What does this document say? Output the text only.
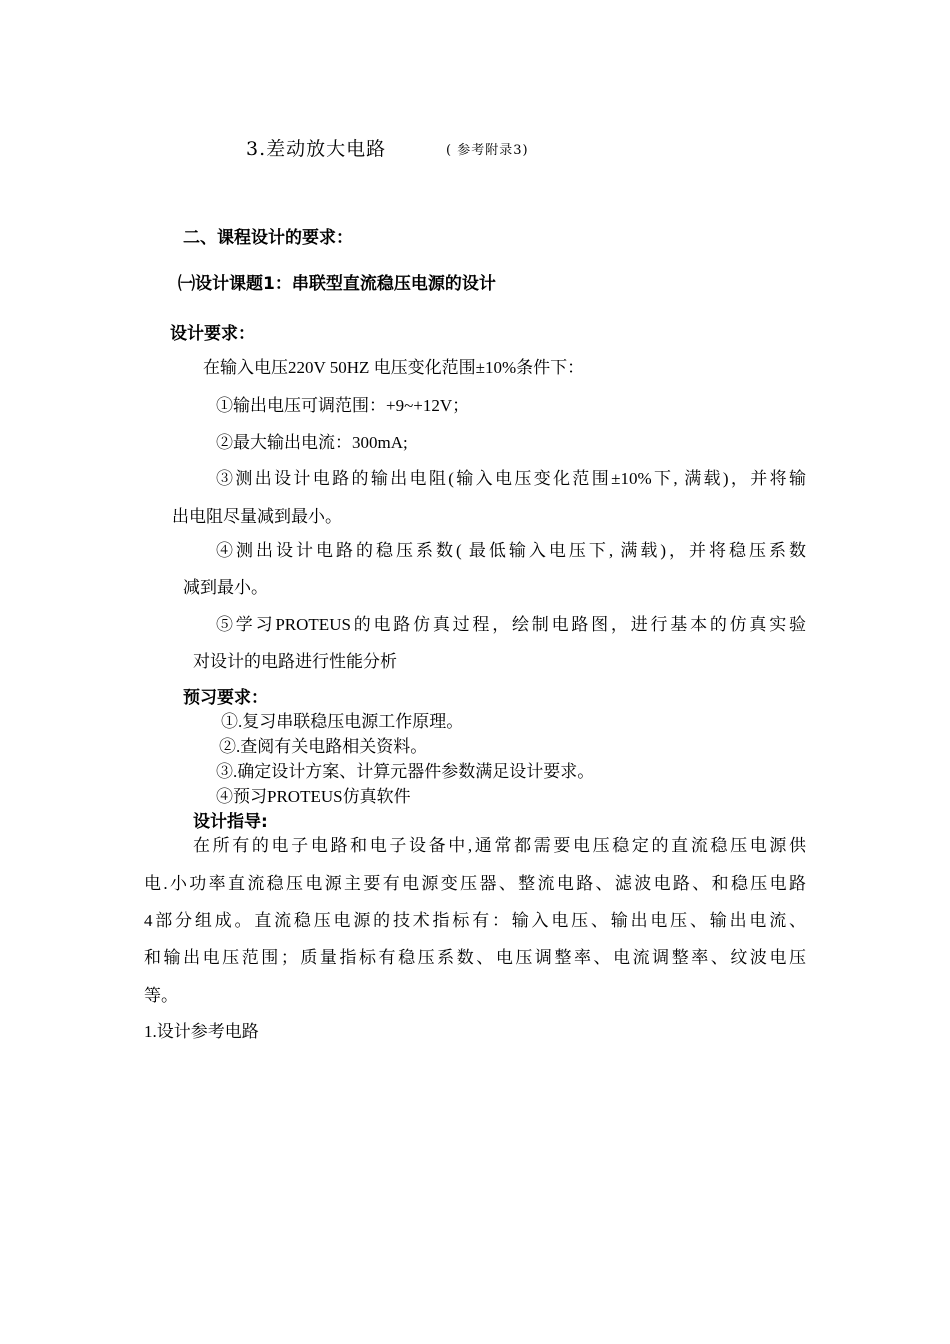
3.差动放大电路	( 参考附录3)
二、课程设计的要求：
㈠设计课题1：串联型直流稳压电源的设计
设计要求：
在输入电压220V 50HZ 电压变化范围±10%条件下：
①输出电压可调范围：+9~+12V；
②最大输出电流：300mA;
③测出设计电路的输出电阻(输入电压变化范围±10%下, 满载)，并将输
出电阻尽量减到最小。
④测出设计电路的稳压系数( 最低输入电压下, 满载)，并将稳压系数
减到最小。
⑤学习PROTEUS的电路仿真过程，绘制电路图，进行基本的仿真实验
对设计的电路进行性能分析
预习要求：
①.复习串联稳压电源工作原理。
②.查阅有关电路相关资料。
③.确定设计方案、计算元器件参数满足设计要求。
④预习PROTEUS仿真软件
设计指导:
在所有的电子电路和电子设备中,通常都需要电压稳定的直流稳压电源供
电.小功率直流稳压电源主要有电源变压器、整流电路、滤波电路、和稳压电路
4部分组成。直流稳压电源的技术指标有：输入电压、输出电压、输出电流、
和输出电压范围；质量指标有稳压系数、电压调整率、电流调整率、纹波电压
等。
1.设计参考电路
